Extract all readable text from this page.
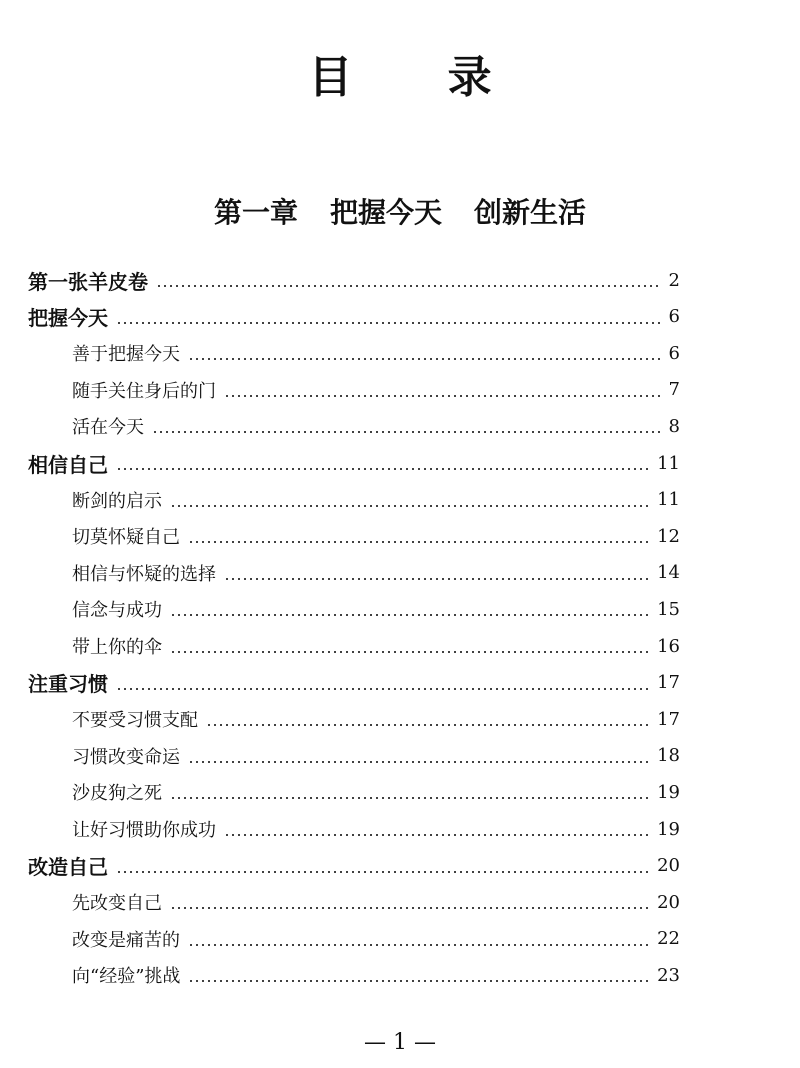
目 录
第一章 把握今天 创新生活
第一张羊皮卷	2
把握今天	6
善于把握今天	6
随手关住身后的门	7
活在今天	8
相信自己	11
断剑的启示	11
切莫怀疑自己	12
相信与怀疑的选择	14
信念与成功	15
带上你的伞	16
注重习惯	17
不要受习惯支配	17
习惯改变命运	18
沙皮狗之死	19
让好习惯助你成功	19
改造自己	20
先改变自己	20
改变是痛苦的	22
向“经验”挑战	23
— 1 —
